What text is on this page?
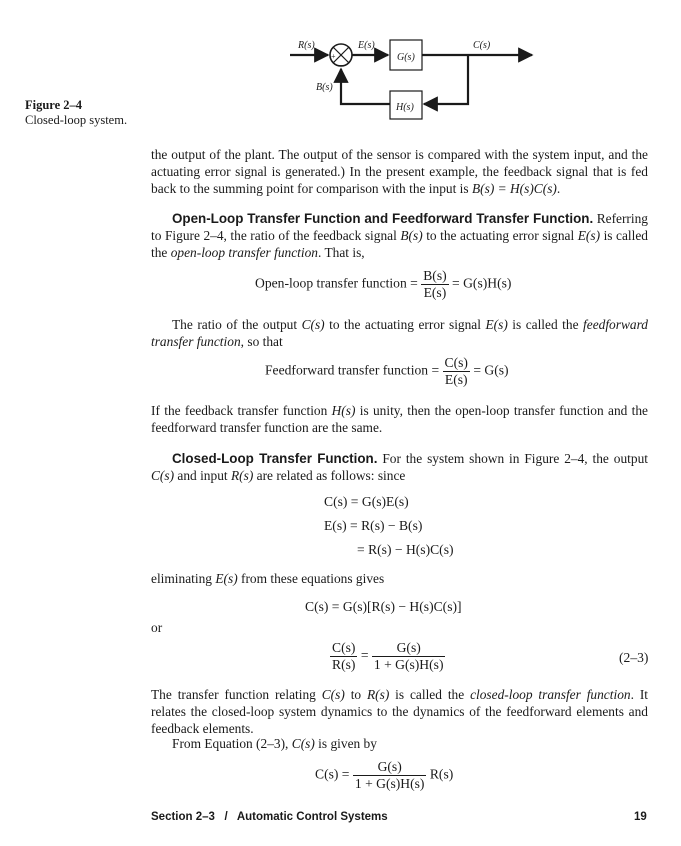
+
−
G(s)
H(s)
R(s)	E(s)	C(s)
B(s)
Figure 2–4
Closed-loop system.
the output of the plant. The output of the sensor is compared with the system input, and the actuating error signal is generated.) In the present example, the feedback signal that is fed back to the summing point for comparison with the input is B(s) = H(s)C(s).
Open-Loop Transfer Function and Feedforward Transfer Function. Referring to Figure 2–4, the ratio of the feedback signal B(s) to the actuating error signal E(s) is called the open-loop transfer function. That is,
Open-loop transfer function = $\frac{B(s)}{E(s)} = G(s)H(s)$
The ratio of the output C(s) to the actuating error signal E(s) is called the feedforward transfer function, so that
Feedforward transfer function = $\frac{C(s)}{E(s)} = G(s)$
If the feedback transfer function H(s) is unity, then the open-loop transfer function and the feedforward transfer function are the same.
Closed-Loop Transfer Function. For the system shown in Figure 2–4, the output C(s) and input R(s) are related as follows: since
C(s) = G(s)E(s)
E(s) = R(s) − B(s)
= R(s) − H(s)C(s)
eliminating E(s) from these equations gives
C(s) = G(s)[R(s) − H(s)C(s)]
or
$\frac{C(s)}{R(s)} = \frac{G(s)}{1 + G(s)H(s)}$	(2–3)
The transfer function relating C(s) to R(s) is called the closed-loop transfer function. It relates the closed-loop system dynamics to the dynamics of the feedforward elements and feedback elements.
From Equation (2–3), C(s) is given by
$C(s) = \frac{G(s)}{1 + G(s)H(s)} R(s)$
Section 2–3   /   Automatic Control Systems	19
